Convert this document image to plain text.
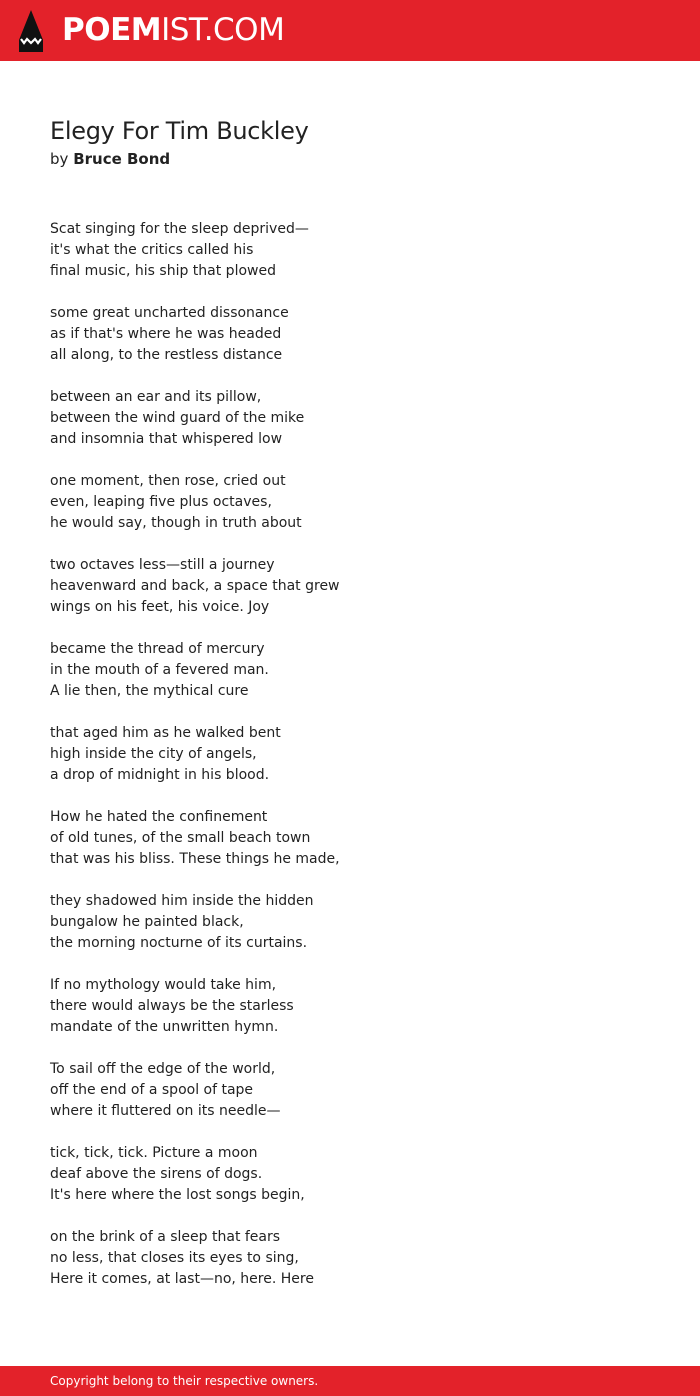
POEMIST.COM
Elegy For Tim Buckley
by Bruce Bond
Scat singing for the sleep deprived—
it's what the critics called his
final music, his ship that plowed
some great uncharted dissonance
as if that's where he was headed
all along, to the restless distance
between an ear and its pillow,
between the wind guard of the mike
and insomnia that whispered low
one moment, then rose, cried out
even, leaping five plus octaves,
he would say, though in truth about
two octaves less—still a journey
heavenward and back, a space that grew
wings on his feet, his voice. Joy
became the thread of mercury
in the mouth of a fevered man.
A lie then, the mythical cure
that aged him as he walked bent
high inside the city of angels,
a drop of midnight in his blood.
How he hated the confinement
of old tunes, of the small beach town
that was his bliss. These things he made,
they shadowed him inside the hidden
bungalow he painted black,
the morning nocturne of its curtains.
If no mythology would take him,
there would always be the starless
mandate of the unwritten hymn.
To sail off the edge of the world,
off the end of a spool of tape
where it fluttered on its needle—
tick, tick, tick. Picture a moon
deaf above the sirens of dogs.
It's here where the lost songs begin,
on the brink of a sleep that fears
no less, that closes its eyes to sing,
Here it comes, at last—no, here. Here
Copyright belong to their respective owners.
